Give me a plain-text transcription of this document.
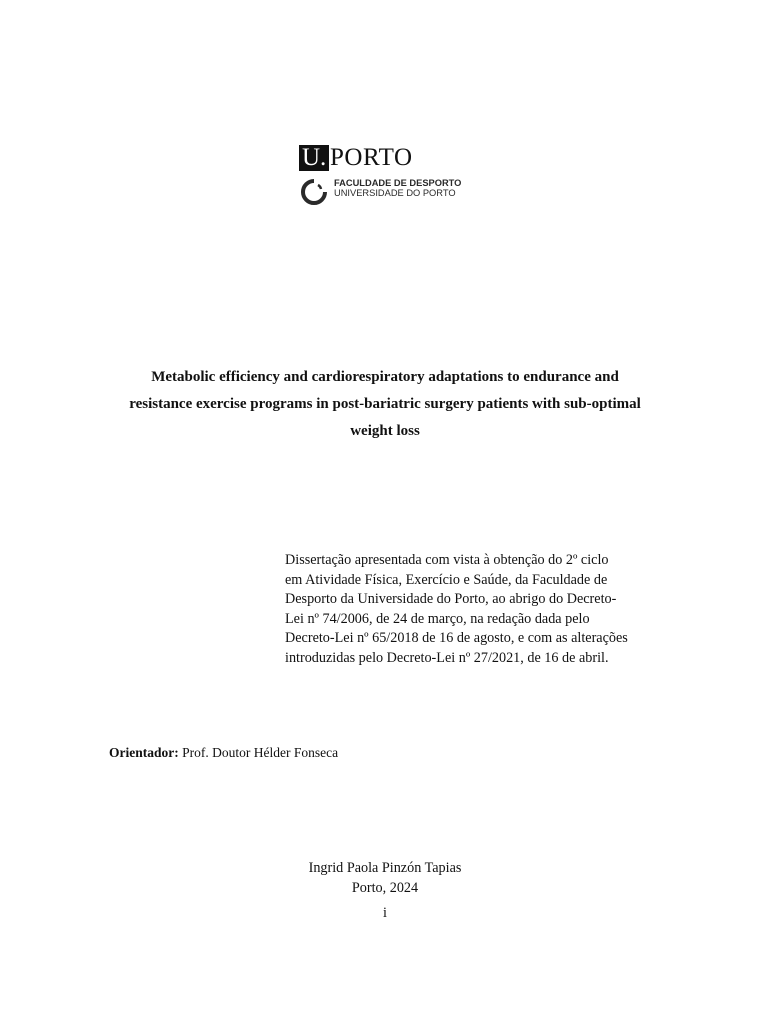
U. PORTO
FACULDADE DE DESPORTO
UNIVERSIDADE DO PORTO
Metabolic efficiency and cardiorespiratory adaptations to endurance and
resistance exercise programs in post-bariatric surgery patients with sub-optimal
weight loss
Dissertação apresentada com vista à obtenção do 2º ciclo
em Atividade Física, Exercício e Saúde, da Faculdade de
Desporto da Universidade do Porto, ao abrigo do Decreto-
Lei nº 74/2006, de 24 de março, na redação dada pelo
Decreto-Lei nº 65/2018 de 16 de agosto, e com as alterações
introduzidas pelo Decreto-Lei nº 27/2021, de 16 de abril.
Orientador: Prof. Doutor Hélder Fonseca
Ingrid Paola Pinzón Tapias
Porto, 2024
i
